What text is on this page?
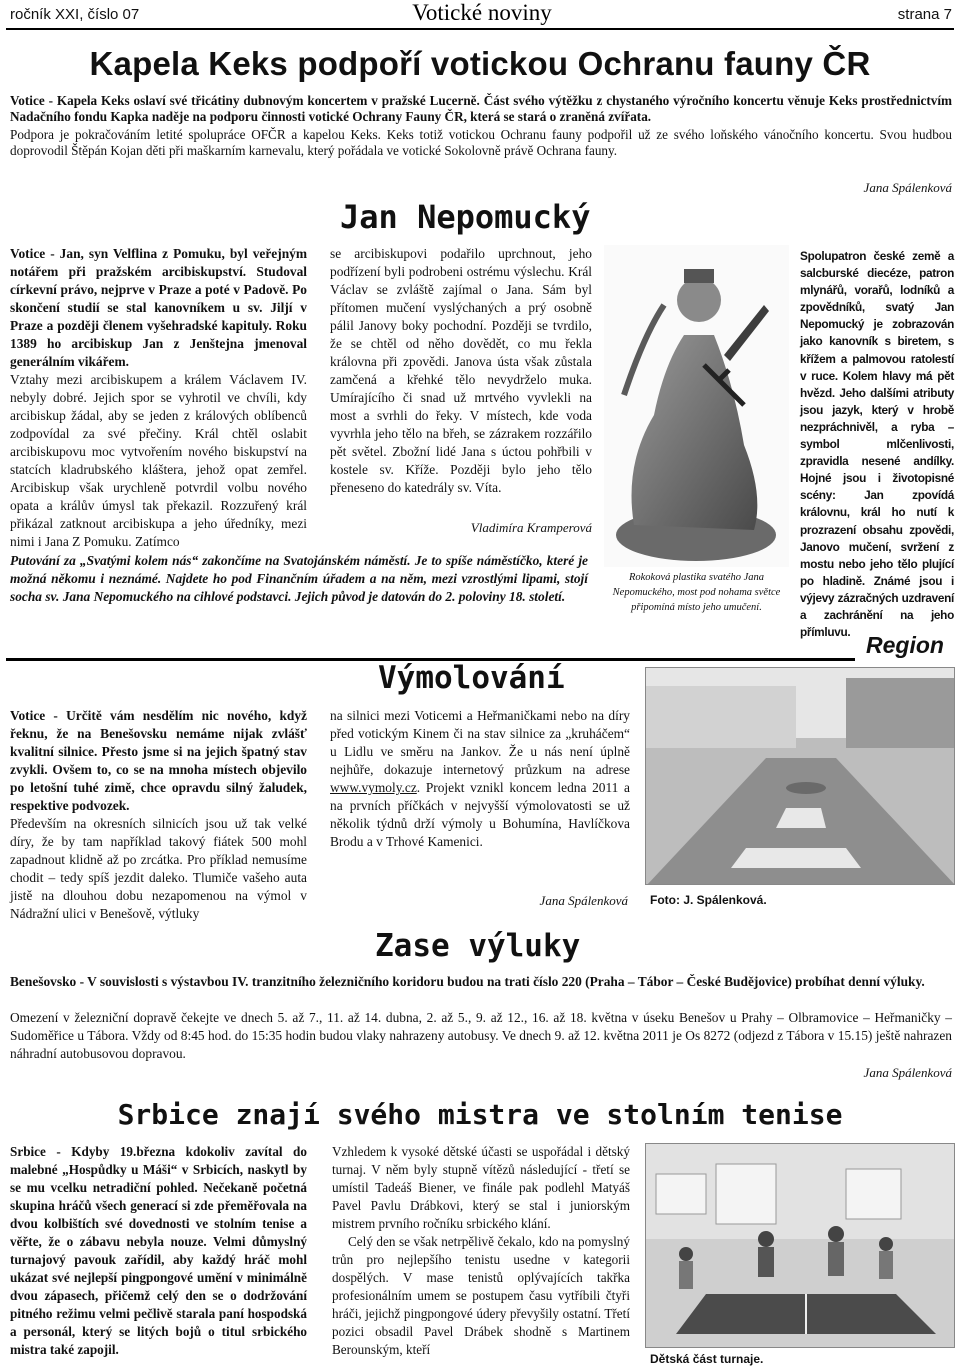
ročník XXI, číslo 07	Votické noviny	strana 7
Kapela Keks podpoří votickou Ochranu fauny ČR
Votice - Kapela Keks oslaví své třicátiny dubnovým koncertem v pražské Lucerně. Část svého výtěžku z chystaného výročního koncertu věnuje Keks prostřednictvím Nadačního fondu Kapka naděje na podporu činnosti votické Ochrany Fauny ČR, která se stará o zraněná zvířata.
Podpora je pokračováním letité spolupráce OFČR a kapelou Keks. Keks totiž votickou Ochranu fauny podpořil už ze svého loňského vánočního koncertu. Svou hudbou doprovodil Štěpán Kojan děti při maškarním karnevalu, který pořádala ve votické Sokolovně právě Ochrana fauny.
Jana Spálenková
Jan Nepomucký
Votice - Jan, syn Velflina z Pomuku, byl veřejným notářem při pražském arcibiskupství. Studoval církevní právo, nejprve v Praze a poté v Padově. Po skončení studií se stal kanovníkem u sv. Jiljí v Praze a později členem vyšehradské kapituly. Roku 1389 ho arcibiskup Jan z Jenštejna jmenoval generálním vikářem.
Vztahy mezi arcibiskupem a králem Václavem IV. nebyly dobré. Jejich spor se vyhrotil ve chvíli, kdy arcibiskup žádal, aby se jeden z králových oblíbenců zodpovídal za své přečiny. Král chtěl oslabit arcibiskupovu moc vytvořením nového biskupství na statcích kladrubského kláštera, jehož opat zemřel. Arcibiskup však urychleně potvrdil volbu nového opata a králův úmysl tak překazil. Rozzuřený král přikázal zatknout arcibiskupa a jeho úředníky, mezi nimi i Jana Z Pomuku. Zatímco
se arcibiskupovi podařilo uprchnout, jeho podřízení byli podrobeni ostrému výslechu. Král Václav se zvláště zajímal o Jana. Sám byl přítomen mučení vyslýchaných a prý osobně pálil Janovy boky pochodní. Později se tvrdilo, že se chtěl od něho dovědět, co mu řekla královna při zpovědi. Janova ústa však zůstala zamčená a křehké tělo nevydrželo muka. Umírajícího či snad už mrtvého vyvlekli na most a svrhli do řeky. V místech, kde voda vyvrhla jeho tělo na břeh, se zázrakem rozzářilo pět světel. Zbožní lidé Jana s úctou pohřbili v kostele sv. Kříže. Později bylo jeho tělo přeneseno do katedrály sv. Víta.
Vladimíra Kramperová
Putování za „Svatými kolem nás“ zakončíme na Svatojánském náměstí. Je to spíše náměstíčko, které je možná někomu i neznámé. Najdete ho pod Finančním úřadem a na něm, mezi vzrostlými lipami, stojí socha sv. Jana Nepomuckého na cihlové podstavci. Jejich původ je datován do 2. poloviny 18. století.
Rokoková plastika svatého Jana Nepomuckého, most pod nohama světce připomíná místo jeho umučení.
Spolupatron české země a salcburské diecéze, patron mlynářů, vorařů, lodníků a zpovědníků, svatý Jan Nepomucký je zobrazován jako kanovník s biretem, s křížem a palmovou ratolestí v ruce. Kolem hlavy má pět hvězd. Jeho dalšími atributy jsou jazyk, který v hrobě nezpráchnivěl, a ryba – symbol mlčenlivosti, zpravidla nesené andílky. Hojné jsou i životopisné scény: Jan zpovídá královnu, král ho nutí k prozrazení obsahu zpovědi, Janovo mučení, svržení z mostu nebo jeho tělo plující po hladině. Známé jsou i výjevy zázračných uzdravení a zachránění na jeho přímluvu. Region
Výmolování
Votice - Určitě vám nesdělím nic nového, když řeknu, že na Benešovsku nemáme nijak zvlášť kvalitní silnice. Přesto jsme si na jejich špatný stav zvykli. Ovšem to, co se na mnoha místech objevilo po letošní tuhé zimě, chce opravdu silný žaludek, respektive podvozek.
Především na okresních silnicích jsou už tak velké díry, že by tam například takový fiátek 500 mohl zapadnout klidně až po zrcátka. Pro příklad nemusíme chodit – tedy spíš jezdit daleko. Tlumiče vašeho auta jistě na dlouhou dobu nezapomenou na výmol v Nádražní ulici v Benešově, výtluky
na silnici mezi Voticemi a Heřmaničkami nebo na díry před votickým Kinem či na stav silnice za „kruháčem“ u Lidlu ve směru na Jankov. Že u nás není úplně nejhůře, dokazuje internetový průzkum na adrese www.vymoly.cz. Projekt vznikl koncem ledna 2011 a na prvních příčkách v nejvyšší výmolovatosti se už několik týdnů drží výmoly u Bohumína, Havlíčkova Brodu a v Trhové Kamenici.
Jana Spálenková Foto: J. Spálenková.
Zase výluky
Benešovsko - V souvislosti s výstavbou IV. tranzitního železničního koridoru budou na trati číslo 220 (Praha – Tábor – České Budějovice) probíhat denní výluky.
Omezení v železniční dopravě čekejte ve dnech 5. až 7., 11. až 14. dubna, 2. až 5., 9. až 12., 16. až 18. května v úseku Benešov u Prahy – Olbramovice – Heřmaničky – Sudoměřice u Tábora. Vždy od 8:45 hod. do 15:35 hodin budou vlaky nahrazeny autobusy. Ve dnech 9. až 12. května 2011 je Os 8272 (odjezd z Tábora v 15.15) ještě nahrazen náhradní autobusovou dopravou.
Jana Spálenková
Srbice znají svého mistra ve stolním tenise
Srbice - Kdyby 19.března kdokoliv zavítal do malebné „Hospůdky u Máši“ v Srbicích, naskytl by se mu vcelku netradiční pohled. Nečekaně početná skupina hráčů všech generací si zde přeměřovala na dvou kolbištích své dovednosti ve stolním tenise a věřte, že o zábavu nebyla nouze. Velmi důmyslný turnajový pavouk zařídil, aby každý hráč mohl ukázat své nejlepší pingpongové umění v minimálně dvou zápasech, přičemž celý den se o dodržování pitného režimu velmi pečlivě starala paní hospodská a personál, který se litých bojů o titul srbického mistra také zapojil.
Vzhledem k vysoké dětské účasti se uspořádal i dětský turnaj. V něm byly stupně vítězů následující - třetí se umístil Tadeáš Biener, ve finále pak podlehl Matyáš Pavel Pavlu Drábkovi, který se stal i juniorským mistrem prvního ročníku srbického klání.
Celý den se však netrpělivě čekalo, kdo na pomyslný trůn pro nejlepšího tenistu usedne v kategorii dospělých. V mase tenistů oplývajících takřka profesionálním umem se postupem času vytříbili čtyři hráči, jejichž pingpongové údery převyšily ostatní. Třetí pozici obsadil Pavel Drábek shodně s Martinem Berounským, kteří
Dětská část turnaje.
